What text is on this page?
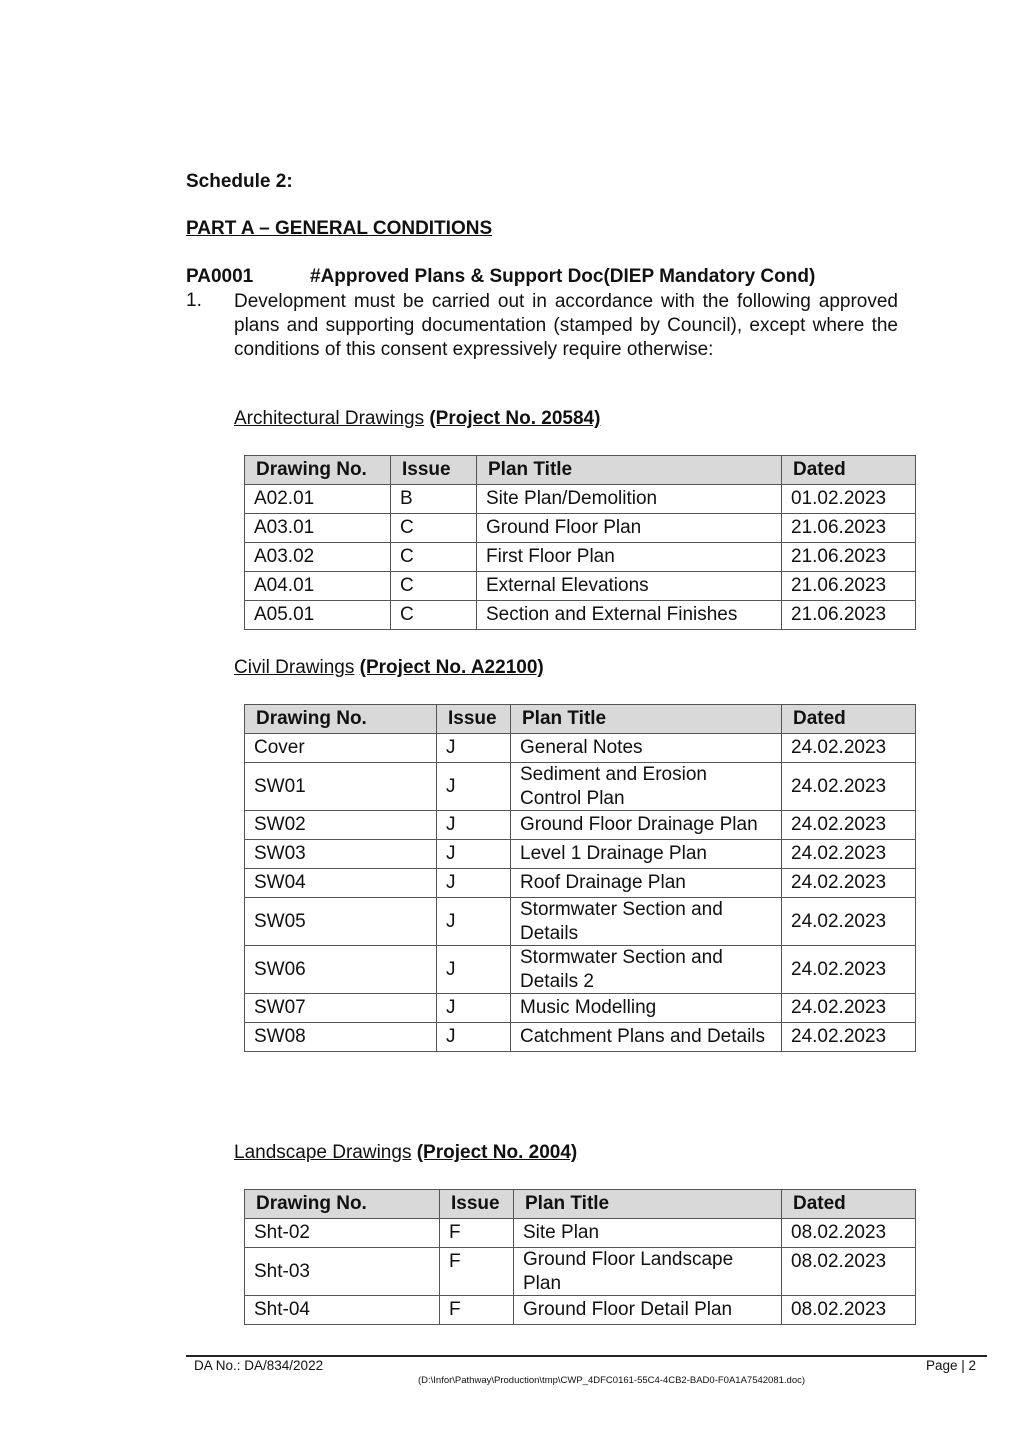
Schedule 2:
PART A – GENERAL CONDITIONS
PA0001	#Approved Plans & Support Doc(DIEP Mandatory Cond)
1. Development must be carried out in accordance with the following approved plans and supporting documentation (stamped by Council), except where the conditions of this consent expressively require otherwise:
Architectural Drawings (Project No. 20584)
Drawing No.	Issue	Plan Title	Dated
A02.01	B	Site Plan/Demolition	01.02.2023
A03.01	C	Ground Floor Plan	21.06.2023
A03.02	C	First Floor Plan	21.06.2023
A04.01	C	External Elevations	21.06.2023
A05.01	C	Section and External Finishes	21.06.2023
Civil Drawings (Project No. A22100)
Drawing No.	Issue	Plan Title	Dated
Cover	J	General Notes	24.02.2023
SW01	J	Sediment and Erosion Control Plan	24.02.2023
SW02	J	Ground Floor Drainage Plan	24.02.2023
SW03	J	Level 1 Drainage Plan	24.02.2023
SW04	J	Roof Drainage Plan	24.02.2023
SW05	J	Stormwater Section and Details	24.02.2023
SW06	J	Stormwater Section and Details 2	24.02.2023
SW07	J	Music Modelling	24.02.2023
SW08	J	Catchment Plans and Details	24.02.2023
Landscape Drawings (Project No. 2004)
Drawing No.	Issue	Plan Title	Dated
Sht-02	F	Site Plan	08.02.2023
Sht-03	F	Ground Floor Landscape Plan	08.02.2023
Sht-04	F	Ground Floor Detail Plan	08.02.2023
DA No.: DA/834/2022	Page | 2
(D:\Infor\Pathway\Production\tmp\CWP_4DFC0161-55C4-4CB2-BAD0-F0A1A7542081.doc)
